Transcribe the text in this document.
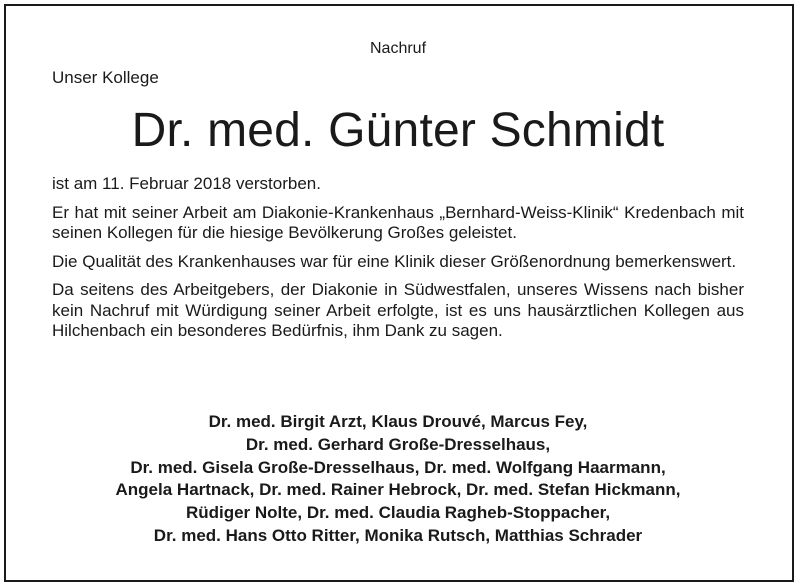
Nachruf
Unser Kollege
Dr. med. Günter Schmidt

ist am 11. Februar 2018 verstorben.

Er hat mit seiner Arbeit am Diakonie-Krankenhaus „Bernhard-Weiss-Klinik“ Kredenbach mit seinen Kollegen für die hiesige Bevölkerung Großes geleistet.

Die Qualität des Krankenhauses war für eine Klinik dieser Größenordnung bemerkenswert.

Da seitens des Arbeitgebers, der Diakonie in Südwestfalen, unseres Wissens nach bisher kein Nachruf mit Würdigung seiner Arbeit erfolgte, ist es uns hausärztlichen Kollegen aus Hilchenbach ein besonderes Bedürfnis, ihm Dank zu sagen.

Dr. med. Birgit Arzt, Klaus Drouvé, Marcus Fey,
Dr. med. Gerhard Große-Dresselhaus,
Dr. med. Gisela Große-Dresselhaus, Dr. med. Wolfgang Haarmann,
Angela Hartnack, Dr. med. Rainer Hebrock, Dr. med. Stefan Hickmann,
Rüdiger Nolte, Dr. med. Claudia Ragheb-Stoppacher,
Dr. med. Hans Otto Ritter, Monika Rutsch, Matthias Schrader
